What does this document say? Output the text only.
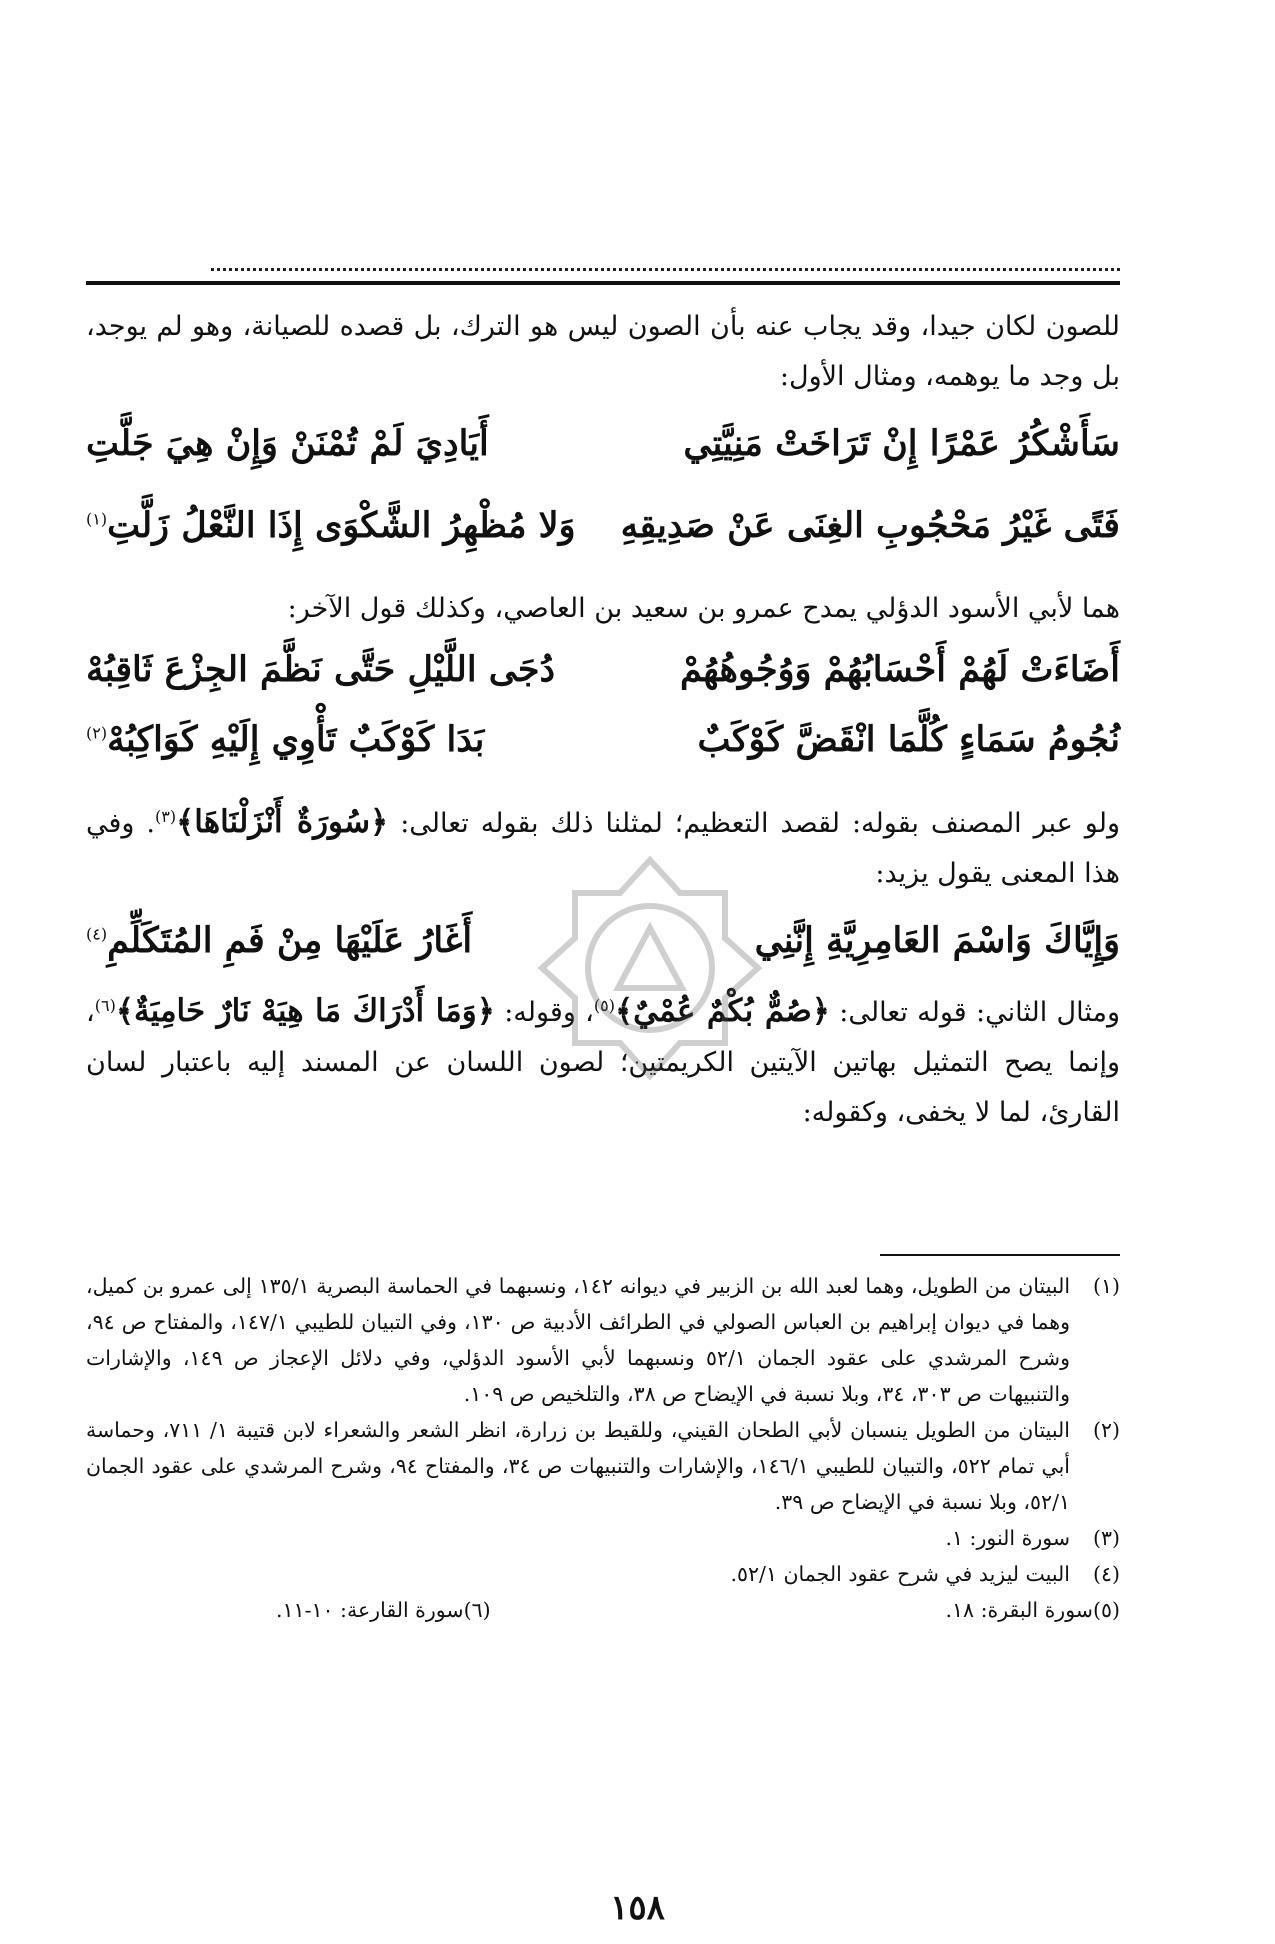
للصون لكان جيدا، وقد يجاب عنه بأن الصون ليس هو الترك، بل قصده للصيانة، وهو لم يوجد، بل وجد ما يوهمه، ومثال الأول:

سَأَشْكُرُ عَمْرًا إِنْ تَرَاخَتْ مَنِيَّتِي
أَيَادِيَ لَمْ تُمْنَنْ وَإِنْ هِيَ جَلَّتِ
فَتًى غَيْرُ مَحْجُوبِ الغِنَى عَنْ صَدِيقِهِ
وَلا مُظْهِرُ الشَّكْوَى إِذَا النَّعْلُ زَلَّتِ$^{(١)}$

هما لأبي الأسود الدؤلي يمدح عمرو بن سعيد بن العاصي، وكذلك قول الآخر:

أَضَاءَتْ لَهُمْ أَحْسَابُهُمْ وَوُجُوهُهُمْ
دُجَى اللَّيْلِ حَتَّى نَظَّمَ الجِزْعَ ثَاقِبُهْ
نُجُومُ سَمَاءٍ كُلَّمَا انْقَضَّ كَوْكَبٌ
بَدَا كَوْكَبٌ تَأْوِي إِلَيْهِ كَوَاكِبُهْ$^{(٢)}$

ولو عبر المصنف بقوله: لقصد التعظيم؛ لمثلنا ذلك بقوله تعالى: ﴿سُورَةٌ أَنْزَلْنَاهَا﴾$^{(٣)}$. وفي هذا المعنى يقول يزيد:

وَإِيَّاكَ وَاسْمَ العَامِرِيَّةِ إِنَّنِي
أَغَارُ عَلَيْهَا مِنْ فَمِ المُتَكَلِّمِ$^{(٤)}$

ومثال الثاني: قوله تعالى: ﴿صُمٌّ بُكْمٌ عُمْيٌ﴾$^{(٥)}$، وقوله: ﴿وَمَا أَدْرَاكَ مَا هِيَهْ نَارٌ حَامِيَةٌ﴾$^{(٦)}$، وإنما يصح التمثيل بهاتين الآيتين الكريمتين؛ لصون اللسان عن المسند إليه باعتبار لسان القارئ، لما لا يخفى، وكقوله:

(١)
البيتان من الطويل، وهما لعبد الله بن الزبير في ديوانه ١٤٢، ونسبهما في الحماسة البصرية ١٣٥/١ إلى عمرو بن كميل، وهما في ديوان إبراهيم بن العباس الصولي في الطرائف الأدبية ص ١٣٠، وفي التبيان للطيبي ١٤٧/١، والمفتاح ص ٩٤، وشرح المرشدي على عقود الجمان ٥٢/١ ونسبهما لأبي الأسود الدؤلي، وفي دلائل الإعجاز ص ١٤٩، والإشارات والتنبيهات ص ٣٠٣، ٣٤، وبلا نسبة في الإيضاح ص ٣٨، والتلخيص ص ١٠٩.
(٢)
البيتان من الطويل ينسبان لأبي الطحان القيني، وللقيط بن زرارة، انظر الشعر والشعراء لابن قتيبة ١/ ٧١١، وحماسة أبي تمام ٥٢٢، والتبيان للطيبي ١٤٦/١، والإشارات والتنبيهات ص ٣٤، والمفتاح ٩٤، وشرح المرشدي على عقود الجمان ٥٢/١، وبلا نسبة في الإيضاح ص ٣٩.
(٣)
سورة النور: ١.
(٤)
البيت ليزيد في شرح عقود الجمان ٥٢/١.
(٥)
سورة البقرة: ١٨.
(٦)
سورة القارعة: ١٠-١١.
١٥٨
